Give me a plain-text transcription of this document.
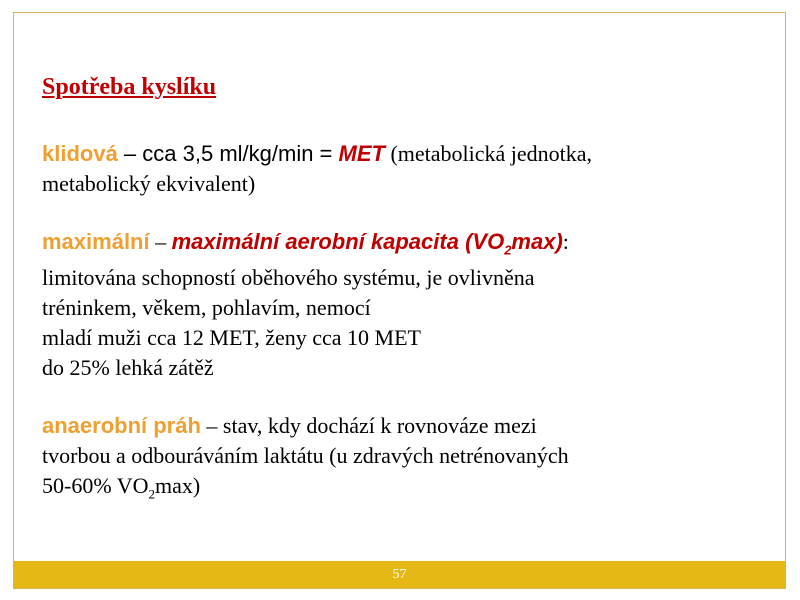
Spotřeba kyslíku

klidová – cca 3,5 ml/kg/min = MET (metabolická jednotka,
metabolický ekvivalent)

maximální – maximální aerobní kapacita $(VO_2\max)$:

limitována schopností oběhového systému, je ovlivněna
tréninkem, věkem, pohlavím, nemocí
mladí muži cca 12 MET, ženy cca 10 MET
do 25% lehká zátěž

anaerobní práh – stav, kdy dochází k rovnováze mezi
tvorbou a odbouráváním laktátu (u zdravých netrénovaných
50-60% $VO_2\max$)

57
